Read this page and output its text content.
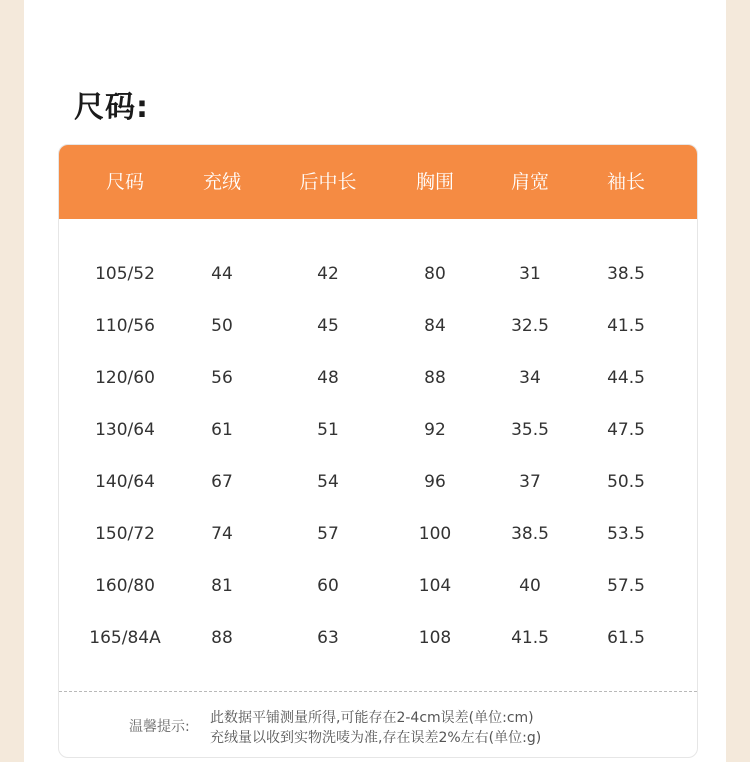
尺码:
尺码	充绒	后中长	胸围	肩宽	袖长
105/52	44	42	80	31	38.5
110/56	50	45	84	32.5	41.5
120/60	56	48	88	34	44.5
130/64	61	51	92	35.5	47.5
140/64	67	54	96	37	50.5
150/72	74	57	100	38.5	53.5
160/80	81	60	104	40	57.5
165/84A	88	63	108	41.5	61.5
温馨提示:
此数据平铺测量所得,可能存在2-4cm误差(单位:cm)
充绒量以收到实物洗唛为准,存在误差2%左右(单位:g)
